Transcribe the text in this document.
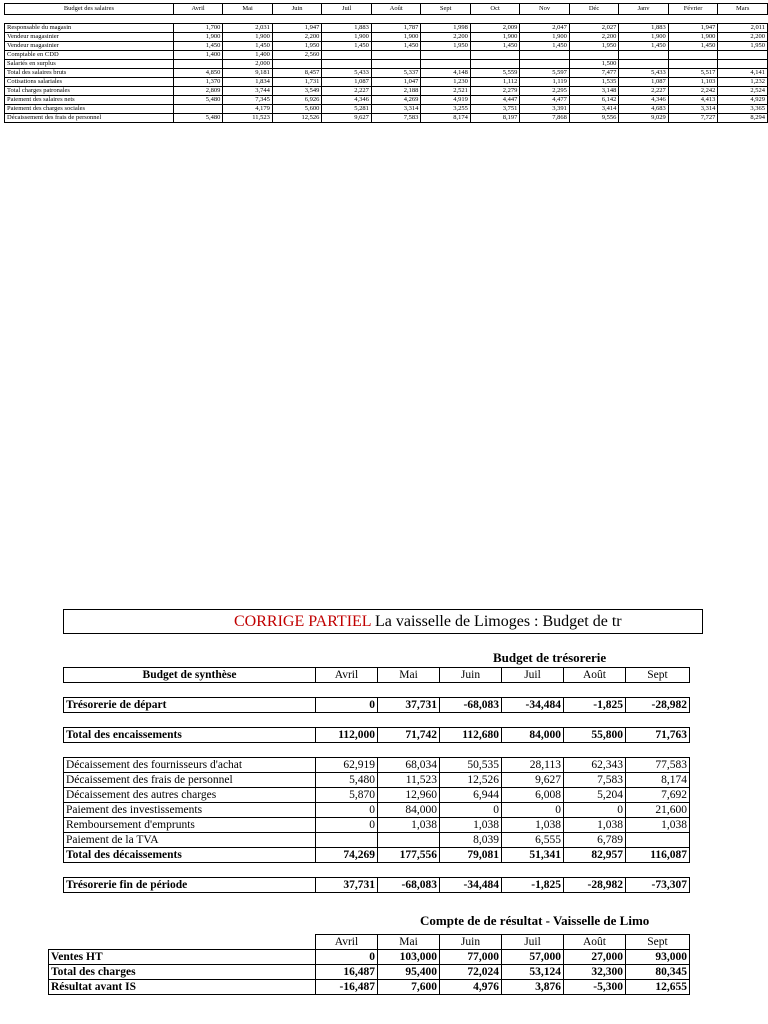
Budget des salaires	Avril	Mai	Juin	Juil	Août	Sept	Oct	Nov	Déc	Janv	Février	Mars

Responsable du magasin	1,700	2,031	1,947	1,883	1,787	1,998	2,009	2,047	2,027	1,883	1,947	2,011
Vendeur magasinier	1,900	1,900	2,200	1,900	1,900	2,200	1,900	1,900	2,200	1,900	1,900	2,200
Vendeur magasinier	1,450	1,450	1,950	1,450	1,450	1,950	1,450	1,450	1,950	1,450	1,450	1,950
Comptable en CDD	1,400	1,400	2,560									
Salariés en surplus		2,000							1,500			
Total des salaires bruts	4,850	9,181	8,457	5,433	5,337	4,148	5,559	5,597	7,477	5,433	5,517	4,141
Cotisations salariales	1,370	1,834	1,731	1,087	1,047	1,230	1,112	1,119	1,535	1,087	1,103	1,232
Total charges patronales	2,809	3,744	3,549	2,227	2,188	2,521	2,279	2,295	3,148	2,227	2,242	2,524
Paiement des salaires nets	5,480	7,345	6,926	4,346	4,269	4,919	4,447	4,477	6,142	4,346	4,413	4,929
Paiement des charges sociales		4,179	5,600	5,281	3,314	3,255	3,751	3,391	3,414	4,683	3,314	3,365
Décaissement des frais de personnel	5,480	11,523	12,526	9,627	7,583	8,174	8,197	7,868	9,556	9,029	7,727	8,294
CORRIGE PARTIEL La vaisselle de Limoges : Budget de tr
Budget de trésorerie
Budget de synthèse	Avril	Mai	Juin	Juil	Août	Sept

Trésorerie de départ	0	37,731	-68,083	-34,484	-1,825	-28,982

Total des encaissements	112,000	71,742	112,680	84,000	55,800	71,763

Décaissement des fournisseurs d'achat	62,919	68,034	50,535	28,113	62,343	77,583
Décaissement des frais de personnel	5,480	11,523	12,526	9,627	7,583	8,174
Décaissement des autres charges	5,870	12,960	6,944	6,008	5,204	7,692
Paiement des investissements	0	84,000	0	0	0	21,600
Remboursement d'emprunts	0	1,038	1,038	1,038	1,038	1,038
Paiement de la TVA			8,039	6,555	6,789	
Total des décaissements	74,269	177,556	79,081	51,341	82,957	116,087

Trésorerie fin de période	37,731	-68,083	-34,484	-1,825	-28,982	-73,307
Compte de de résultat - Vaisselle de Limo
	Avril	Mai	Juin	Juil	Août	Sept
Ventes HT	0	103,000	77,000	57,000	27,000	93,000
Total des charges	16,487	95,400	72,024	53,124	32,300	80,345
Résultat avant IS	-16,487	7,600	4,976	3,876	-5,300	12,655
